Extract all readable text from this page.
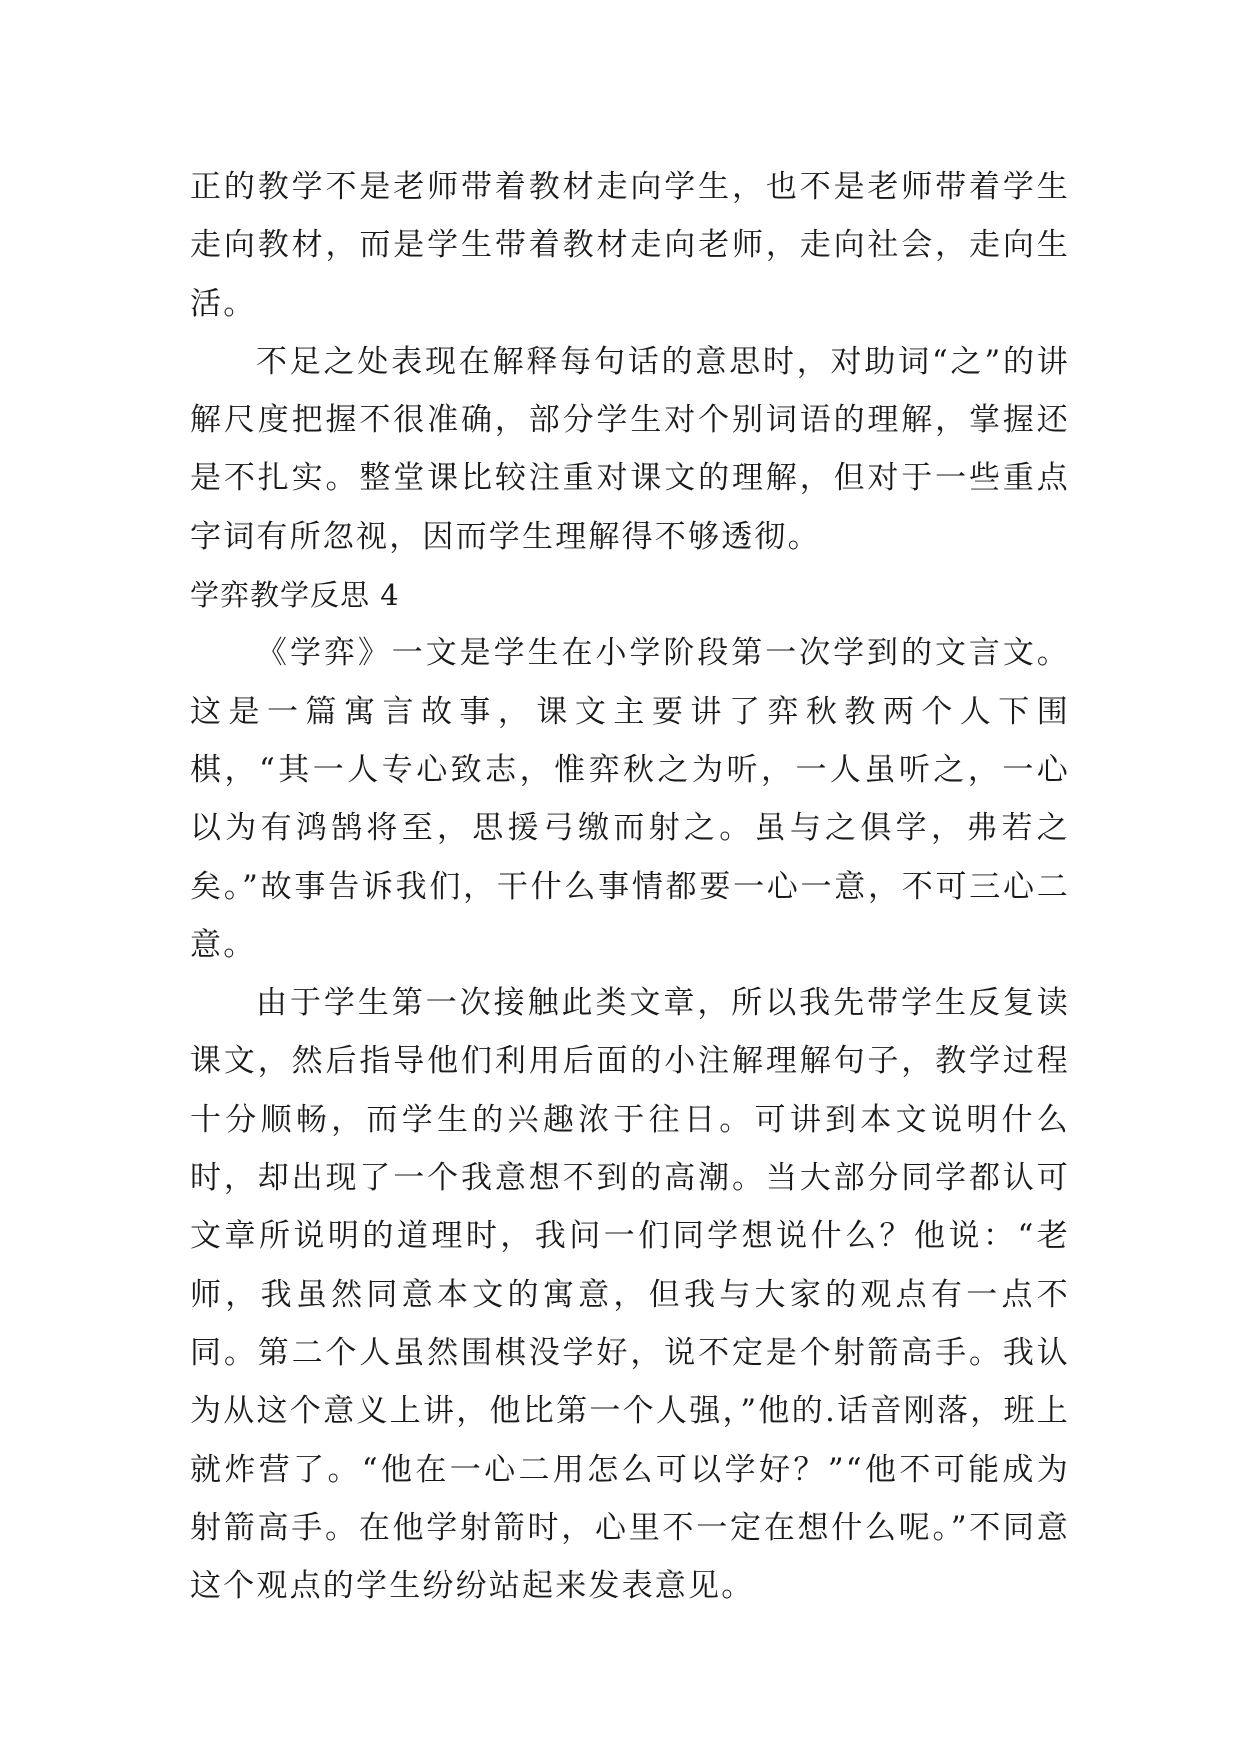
正的教学不是老师带着教材走向学生，也不是老师带着学生走向教材，而是学生带着教材走向老师，走向社会，走向生活。

不足之处表现在解释每句话的意思时，对助词“之”的讲解尺度把握不很准确，部分学生对个别词语的理解，掌握还是不扎实。整堂课比较注重对课文的理解，但对于一些重点字词有所忽视，因而学生理解得不够透彻。

学弈教学反思 4

《学弈》一文是学生在小学阶段第一次学到的文言文。这是一篇寓言故事，课文主要讲了弈秋教两个人下围棋，“其一人专心致志，惟弈秋之为听，一人虽听之，一心以为有鸿鹄将至，思援弓缴而射之。虽与之俱学，弗若之矣。”故事告诉我们，干什么事情都要一心一意，不可三心二意。

由于学生第一次接触此类文章，所以我先带学生反复读课文，然后指导他们利用后面的小注解理解句子，教学过程十分顺畅，而学生的兴趣浓于往日。可讲到本文说明什么时，却出现了一个我意想不到的高潮。当大部分同学都认可文章所说明的道理时，我问一们同学想说什么？他说：“老师，我虽然同意本文的寓意，但我与大家的观点有一点不同。第二个人虽然围棋没学好，说不定是个射箭高手。我认为从这个意义上讲，他比第一个人强，”他的.话音刚落，班上就炸营了。“他在一心二用怎么可以学好？”“他不可能成为射箭高手。在他学射箭时，心里不一定在想什么呢。”不同意这个观点的学生纷纷站起来发表意见。
